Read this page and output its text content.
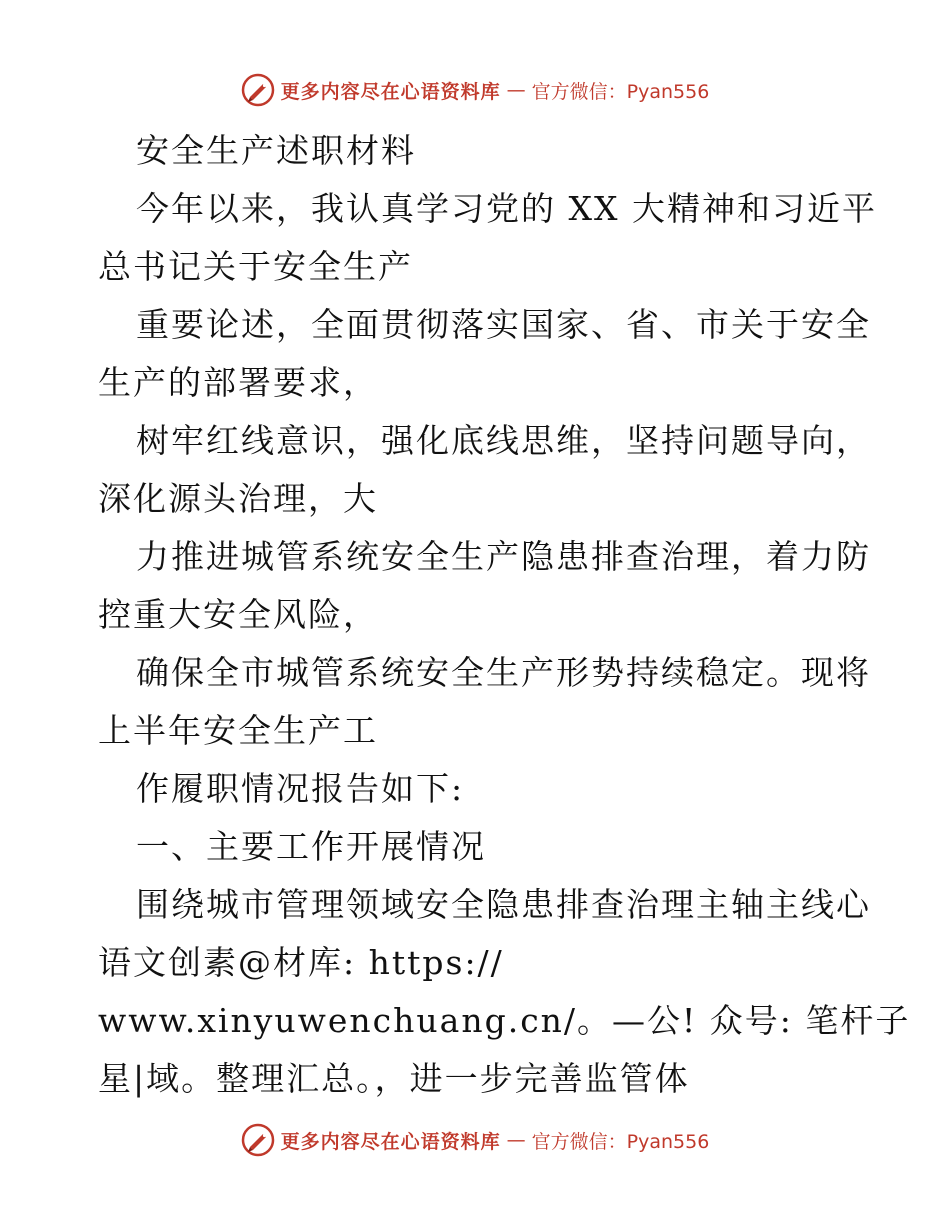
更多内容尽在心语资料库 — 官方微信：Pyan556
安全生产述职材料
今年以来，我认真学习党的 XX 大精神和习近平
总书记关于安全生产
重要论述，全面贯彻落实国家、省、市关于安全
生产的部署要求，
树牢红线意识，强化底线思维，坚持问题导向，
深化源头治理，大
力推进城管系统安全生产隐患排查治理，着力防
控重大安全风险，
确保全市城管系统安全生产形势持续稳定。现将
上半年安全生产工
作履职情况报告如下:
一、主要工作开展情况
围绕城市管理领域安全隐患排查治理主轴主线心
语文创素@材库: https://
www.xinyuwenchuang.cn/。—公! 众号: 笔杆子
星|域。整理汇总。，进一步完善监管体
更多内容尽在心语资料库 — 官方微信：Pyan556
